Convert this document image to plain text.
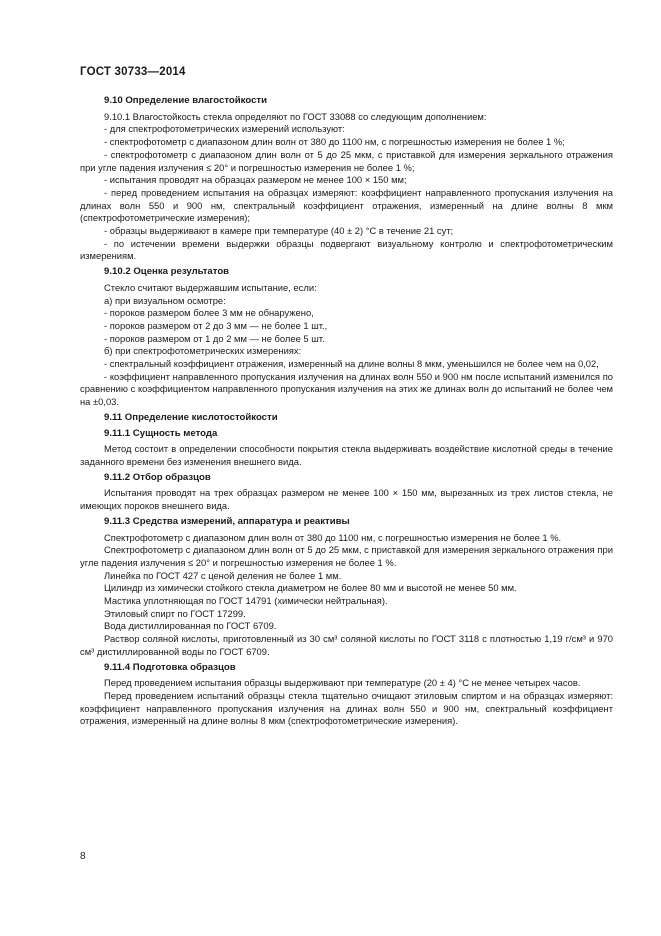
ГОСТ 30733—2014

9.10 Определение влагостойкости

9.10.1 Влагостойкость стекла определяют по ГОСТ 33088 со следующим дополнением:

- для спектрофотометрических измерений используют:

- спектрофотометр с диапазоном длин волн от 380 до 1100 нм, с погрешностью измерения не более 1 %;

- спектрофотометр с диапазоном длин волн от 5 до 25 мкм, с приставкой для измерения зеркального отражения при угле падения излучения ≤ 20° и погрешностью измерения не более 1 %;

- испытания проводят на образцах размером не менее 100 × 150 мм;

- перед проведением испытания на образцах измеряют: коэффициент направленного пропускания излучения на длинах волн 550 и 900 нм, спектральный коэффициент отражения, измеренный на длине волны 8 мкм (спектрофотометрические измерения);

- образцы выдерживают в камере при температуре (40 ± 2) °С в течение 21 сут;

- по истечении времени выдержки образцы подвергают визуальному контролю и спектрофотометрическим измерениям.

9.10.2 Оценка результатов

Стекло считают выдержавшим испытание, если:

а) при визуальном осмотре:

- пороков размером более 3 мм не обнаружено,

- пороков размером от 2 до 3 мм — не более 1 шт.,

- пороков размером от 1 до 2 мм — не более 5 шт.

б) при спектрофотометрических измерениях:

- спектральный коэффициент отражения, измеренный на длине волны 8 мкм, уменьшился не более чем на 0,02,

- коэффициент направленного пропускания излучения на длинах волн 550 и 900 нм после испытаний изменился по сравнению с коэффициентом направленного пропускания излучения на этих же длинах волн до испытаний не более чем на ±0,03.

9.11 Определение кислотостойкости

9.11.1 Сущность метода

Метод состоит в определении способности покрытия стекла выдерживать воздействие кислотной среды в течение заданного времени без изменения внешнего вида.

9.11.2 Отбор образцов

Испытания проводят на трех образцах размером не менее 100 × 150 мм, вырезанных из трех листов стекла, не имеющих пороков внешнего вида.

9.11.3 Средства измерений, аппаратура и реактивы

Спектрофотометр с диапазоном длин волн от 380 до 1100 нм, с погрешностью измерения не более 1 %.

Спектрофотометр с диапазоном длин волн от 5 до 25 мкм, с приставкой для измерения зеркального отражения при угле падения излучения ≤ 20° и погрешностью измерения не более 1 %.

Линейка по ГОСТ 427 с ценой деления не более 1 мм.

Цилиндр из химически стойкого стекла диаметром не более 80 мм и высотой не менее 50 мм.

Мастика уплотняющая по ГОСТ 14791 (химически нейтральная).

Этиловый спирт по ГОСТ 17299.

Вода дистиллированная по ГОСТ 6709.

Раствор соляной кислоты, приготовленный из 30 см³ соляной кислоты по ГОСТ 3118 с плотностью 1,19 г/см³ и 970 см³ дистиллированной воды по ГОСТ 6709.

9.11.4 Подготовка образцов

Перед проведением испытания образцы выдерживают при температуре (20 ± 4) °С не менее четырех часов.

Перед проведением испытаний образцы стекла тщательно очищают этиловым спиртом и на образцах измеряют: коэффициент направленного пропускания излучения на длинах волн 550 и 900 нм, спектральный коэффициент отражения, измеренный на длине волны 8 мкм (спектрофотометрические измерения).

8
